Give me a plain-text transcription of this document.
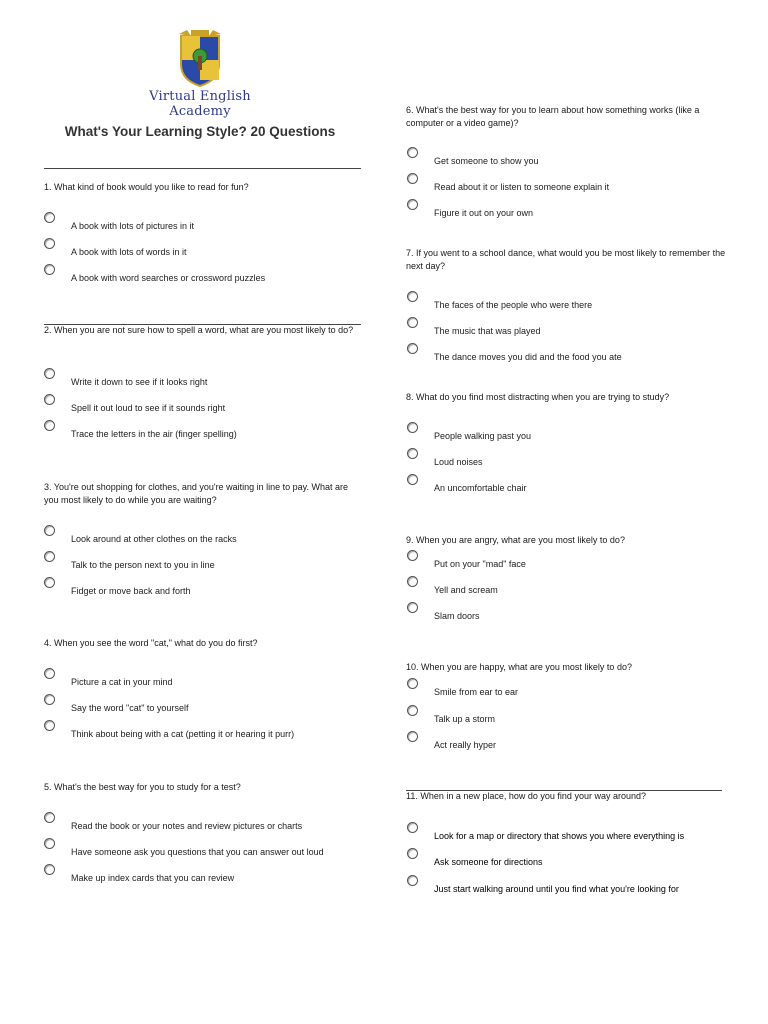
Virtual English Academy
What's Your Learning Style? 20 Questions
1. What kind of book would you like to read for fun?
A book with lots of pictures in it
A book with lots of words in it
A book with word searches or crossword puzzles
2. When you are not sure how to spell a word, what are you most likely to do?
Write it down to see if it looks right
Spell it out loud to see if it sounds right
Trace the letters in the air (finger spelling)
3. You're out shopping for clothes, and you're waiting in line to pay. What are you most likely to do while you are waiting?
Look around at other clothes on the racks
Talk to the person next to you in line
Fidget or move back and forth
4. When you see the word "cat," what do you do first?
Picture a cat in your mind
Say the word "cat" to yourself
Think about being with a cat (petting it or hearing it purr)
5. What's the best way for you to study for a test?
Read the book or your notes and review pictures or charts
Have someone ask you questions that you can answer out loud
Make up index cards that you can review
6. What's the best way for you to learn about how something works (like a computer or a video game)?
Get someone to show you
Read about it or listen to someone explain it
Figure it out on your own
7. If you went to a school dance, what would you be most likely to remember the next day?
The faces of the people who were there
The music that was played
The dance moves you did and the food you ate
8. What do you find most distracting when you are trying to study?
People walking past you
Loud noises
An uncomfortable chair
9. When you are angry, what are you most likely to do?
Put on your "mad" face
Yell and scream
Slam doors
10. When you are happy, what are you most likely to do?
Smile from ear to ear
Talk up a storm
Act really hyper
11. When in a new place, how do you find your way around?
Look for a map or directory that shows you where everything is
Ask someone for directions
Just start walking around until you find what you're looking for
